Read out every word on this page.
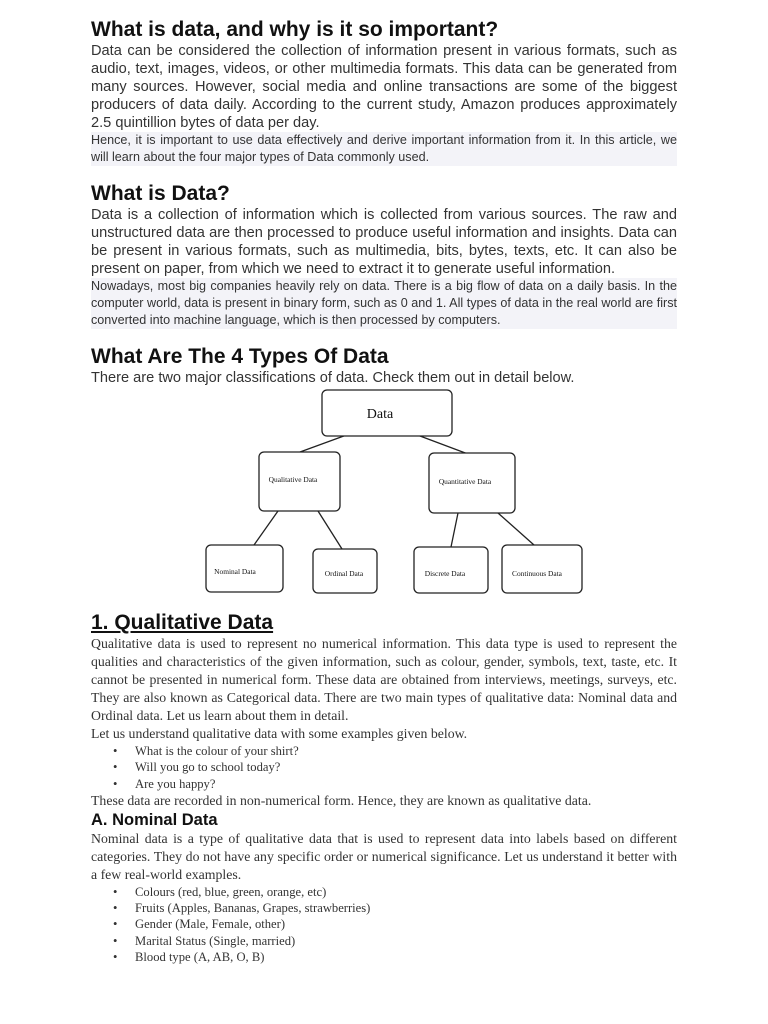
What is data, and why is it so important?

Data can be considered the collection of information present in various formats, such as audio, text, images, videos, or other multimedia formats. This data can be generated from many sources. However, social media and online transactions are some of the biggest producers of data daily. According to the current study, Amazon produces approximately 2.5 quintillion bytes of data per day.

Hence, it is important to use data effectively and derive important information from it. In this article, we will learn about the four major types of Data commonly used.

What is Data?

Data is a collection of information which is collected from various sources. The raw and unstructured data are then processed to produce useful information and insights. Data can be present in various formats, such as multimedia, bits, bytes, texts, etc. It can also be present on paper, from which we need to extract it to generate useful information.

Nowadays, most big companies heavily rely on data. There is a big flow of data on a daily basis. In the computer world, data is present in binary form, such as 0 and 1. All types of data in the real world are first converted into machine language, which is then processed by computers.

What Are The 4 Types Of Data

There are two major classifications of data. Check them out in detail below.

Data
Qualitative Data	Quantitative Data
Nominal Data	Ordinal Data	Discrete Data	Continuous Data
1. Qualitative Data

Qualitative data is used to represent no numerical information. This data type is used to represent the qualities and characteristics of the given information, such as colour, gender, symbols, text, taste, etc. It cannot be presented in numerical form. These data are obtained from interviews, meetings, surveys, etc. They are also known as Categorical data. There are two main types of qualitative data: Nominal data and Ordinal data. Let us learn about them in detail.

Let us understand qualitative data with some examples given below.

• What is the colour of your shirt?
• Will you go to school today?
• Are you happy?

These data are recorded in non-numerical form. Hence, they are known as qualitative data.

A. Nominal Data

Nominal data is a type of qualitative data that is used to represent data into labels based on different categories. They do not have any specific order or numerical significance. Let us understand it better with a few real-world examples.

• Colours (red, blue, green, orange, etc)
• Fruits (Apples, Bananas, Grapes, strawberries)
• Gender (Male, Female, other)
• Marital Status (Single, married)
• Blood type (A, AB, O, B)
